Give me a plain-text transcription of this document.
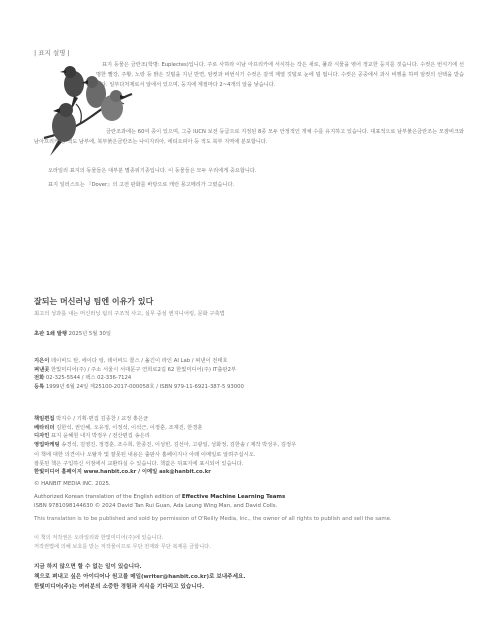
| 표지 설명 |
표지 동물은 금란조(학명: Euplectes)입니다. 주로 사하라 이남 아프리카에 서식하는 작은 새로, 풀과 식물을 엮어 정교한 둥지를 짓습니다. 수컷은 번식기에 선명한 빨강, 주황, 노랑 등 밝은 깃털을 지닌 반면, 암컷과 비번식기 수컷은 갈색 계열 깃털로 눈에 덜 띕니다. 수컷은 공중에서 과시 비행을 하며 암컷의 선택을 받습니다. 일부다처제로서 알에서 있으며, 둥지에 계절마다 2~4개의 알을 낳습니다.
금란조과에는 60여 종이 있으며, 그중 IUCN 보전 등급으로 지정된 8종 모두 안정적인 개체 수를 유지하고 있습니다. 대표적으로 남부붉은금란조는 모잠비크와 남아프리카 등 적도 남부에, 북부붉은금란조는 나이지리아, 에티오피아 등 적도 북부 지역에 분포합니다.
오라일리 표지의 동물들은 대부분 멸종위기종입니다. 이 동물들은 모두 우리에게 중요합니다.
표지 일러스트는 『Dover』의 고전 판화를 바탕으로 캐런 몽고메리가 그렸습니다.
잘되는 머신러닝 팀엔 이유가 있다
최고의 성과를 내는 머신러닝 팀의 구조적 사고, 실무 중심 엔지니어링, 문화 구축법
초판 1쇄 발행 2025년 5월 30일
지은이 데이비드 탄, 에이다 렁, 데이비드 콜스 / 옮긴이 라인 AI Lab / 펴낸이 전태호
펴낸곳 한빛미디어(주) / 주소 서울시 서대문구 연희로2길 62 한빛미디어(주) IT출판2부
전화 02-325-5544 / 팩스 02-336-7124
등록 1999년 6월 24일 제25100-2017-000058호 / ISBN 979-11-6921-387-5 93000
책임편집 박지수 / 기획·편집 김종찬 / 교정 홍은균
베타리더 김한석, 권인혜, 오유정, 이정석, 이석근, 이정훈, 조재진, 한경훈
디자인 표지 윤혜원 내지 박정우 / 전산편집 송은리
영업마케팅 송경석, 김영진, 정경훈, 조수희, 한종진, 이성빈, 김선아, 고광일, 성화정, 김한솔 / 제작 박성우, 김정우
이 책에 대한 의견이나 오탈자 및 잘못된 내용은 출판사 홈페이지나 아래 이메일로 알려주십시오.
잘못된 책은 구입하신 서점에서 교환하실 수 있습니다. 책값은 뒤표지에 표시되어 있습니다.
한빛미디어 홈페이지 www.hanbit.co.kr / 이메일 ask@hanbit.co.kr
© HANBIT MEDIA INC. 2025.
Authorized Korean translation of the English edition of Effective Machine Learning Teams
ISBN 9781098144630 © 2024 David Tan Rui Guan, Ada Leung Wing Man, and David Colls.
This translation is to be published and sold by permission of O'Reilly Media, Inc., the owner of all rights to publish and sell the same.
이 책의 저작권은 오라일리와 한빛미디어(주)에 있습니다.
저작권법에 의해 보호를 받는 저작물이므로 무단 전재와 무단 복제를 금합니다.
지금 하지 않으면 할 수 없는 일이 있습니다.
책으로 펴내고 싶은 아이디어나 원고를 메일(writer@hanbit.co.kr)로 보내주세요.
한빛미디어(주)는 여러분의 소중한 경험과 지식을 기다리고 있습니다.
